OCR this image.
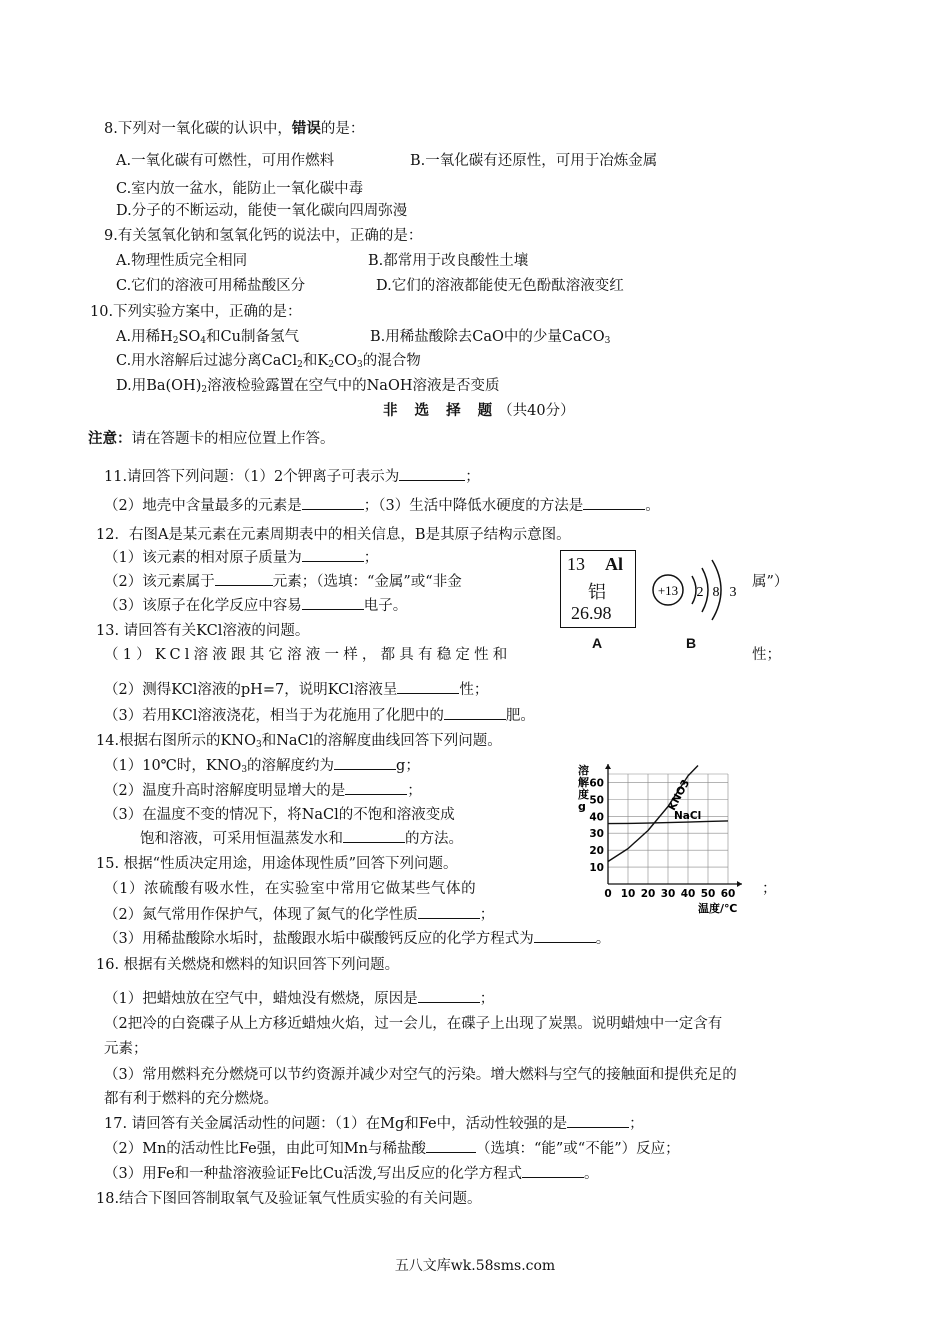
8.下列对一氧化碳的认识中，错误的是：
A.一氧化碳有可燃性，可用作燃料	B.一氧化碳有还原性，可用于冶炼金属
C.室内放一盆水，能防止一氧化碳中毒
D.分子的不断运动，能使一氧化碳向四周弥漫
9.有关氢氧化钠和氢氧化钙的说法中，正确的是：
A.物理性质完全相同	B.都常用于改良酸性土壤
C.它们的溶液可用稀盐酸区分	D.它们的溶液都能使无色酚酞溶液变红
10.下列实验方案中，正确的是：
A.用稀$H_2SO_4$和Cu制备氢气	B.用稀盐酸除去CaO中的少量CaCO$_3$
C.用水溶解后过滤分离CaCl$_2$和$K_2CO_3$的混合物
D.用$Ba(OH)_2$溶液检验露置在空气中的NaOH溶液是否变质
非 选 择 题（共40分）
注意：请在答题卡的相应位置上作答。
11.请回答下列问题：（1）2个钾离子可表示为	；
（2）地壳中含量最多的元素是	；（3）生活中降低水硬度的方法是	。
12．右图A是某元素在元素周期表中的相关信息，B是其原子结构示意图。
（1）该元素的相对原子质量为	；
（2）该元素属于	元素；（选填：“金属”或“非金	属”）
（3）该原子在化学反应中容易	电子。
13 Al
铝
26.98
A
+13 2 8 3
B
13. 请回答有关KCl溶液的问题。
（1）KCl溶液跟其它溶液一样，都具有稳定性和	性；
（2）测得KCl溶液的pH=7，说明KCl溶液呈	性；
（3）若用KCl溶液浇花，相当于为花施用了化肥中的	肥。
14.根据右图所示的$KNO_3$和NaCl的溶解度曲线回答下列问题。
（1）10℃时，$KNO_3$的溶解度约为	g；
（2）温度升高时溶解度明显增大的是	；
（3）在温度不变的情况下，将NaCl的不饱和溶液变成
饱和溶液，可采用恒温蒸发水和	的方法。
0 10 20 30 40 50 60
10
20
30
40
50
60	KNO3
NaCl
溶解度 g
温度/℃
15. 根据“性质决定用途，用途体现性质”回答下列问题。
（1）浓硫酸有吸水性，在实验室中常用它做某些气体的	；
（2）氮气常用作保护气，体现了氮气的化学性质	；
（3）用稀盐酸除水垢时，盐酸跟水垢中碳酸钙反应的化学方程式为	。
16. 根据有关燃烧和燃料的知识回答下列问题。
（1）把蜡烛放在空气中，蜡烛没有燃烧，原因是	；
（2把冷的白瓷碟子从上方移近蜡烛火焰，过一会儿，在碟子上出现了炭黑。说明蜡烛中一定含有
元素；
（3）常用燃料充分燃烧可以节约资源并减少对空气的污染。增大燃料与空气的接触面和提供充足的
都有利于燃料的充分燃烧。
17. 请回答有关金属活动性的问题：（1）在Mg和Fe中，活动性较强的是	；
（2）Mn的活动性比Fe强，由此可知Mn与稀盐酸	（选填：“能”或“不能”）反应；
（3）用Fe和一种盐溶液验证Fe比Cu活泼,写出反应的化学方程式	。
18.结合下图回答制取氧气及验证氧气性质实验的有关问题。
五八文库wk.58sms.com
